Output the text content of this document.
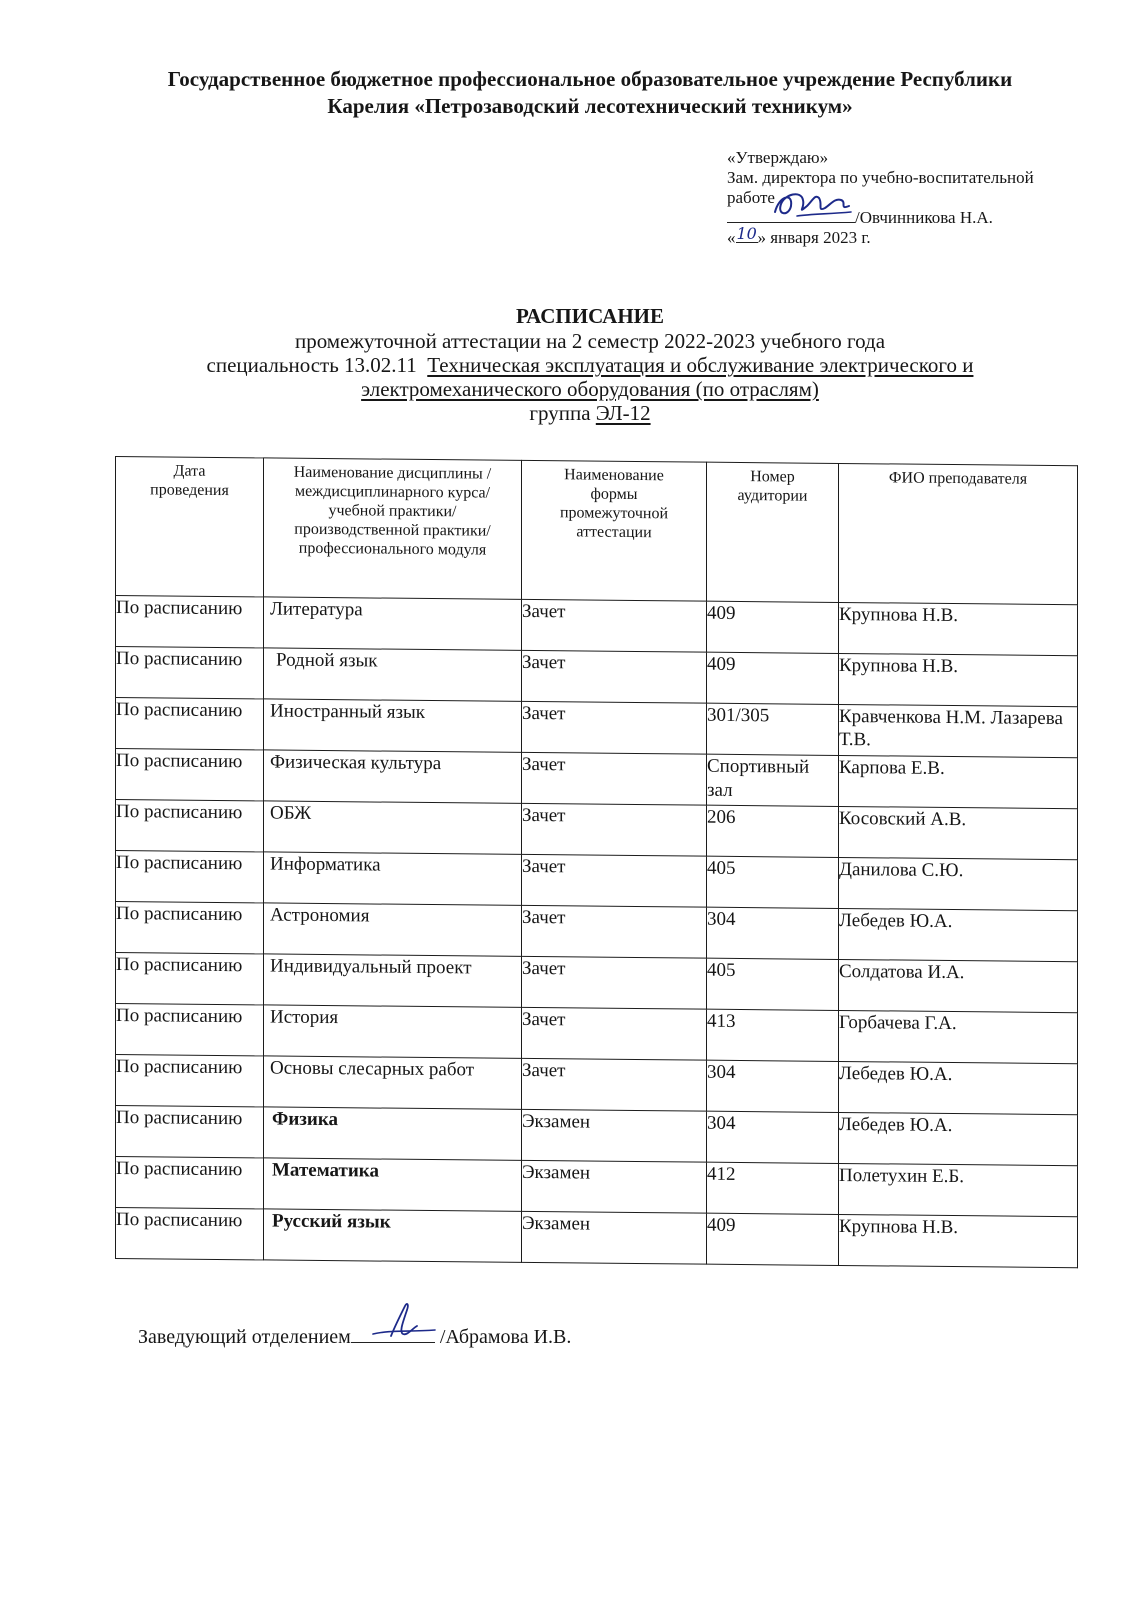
Государственное бюджетное профессиональное образовательное учреждение Республики
Карелия «Петрозаводский лесотехнический техникум»
«Утверждаю»
Зам. директора по учебно-воспитательной
работе
/Овчинникова Н.А.
« 10 » января 2023 г.
РАСПИСАНИЕ
промежуточной аттестации на 2 семестр 2022-2023 учебного года
специальность 13.02.11  Техническая эксплуатация и обслуживание электрического и
электромеханического оборудования (по отраслям)
группа ЭЛ-12
Дата проведения	Наименование дисциплины /междисциплинарного курса/учебной практики/производственной практики/профессионального модуля	Наименование формы промежуточной аттестации	Номер аудитории	ФИО преподавателя
По расписанию	Литература	Зачет	409	Крупнова Н.В.
По расписанию	Родной язык	Зачет	409	Крупнова Н.В.
По расписанию	Иностранный язык	Зачет	301/305	Кравченкова Н.М. Лазарева Т.В.
По расписанию	Физическая культура	Зачет	Спортивный зал	Карпова Е.В.
По расписанию	ОБЖ	Зачет	206	Косовский А.В.
По расписанию	Информатика	Зачет	405	Данилова С.Ю.
По расписанию	Астрономия	Зачет	304	Лебедев Ю.А.
По расписанию	Индивидуальный проект	Зачет	405	Солдатова И.А.
По расписанию	История	Зачет	413	Горбачева Г.А.
По расписанию	Основы слесарных работ	Зачет	304	Лебедев Ю.А.
По расписанию	Физика	Экзамен	304	Лебедев Ю.А.
По расписанию	Математика	Экзамен	412	Полетухин Е.Б.
По расписанию	Русский язык	Экзамен	409	Крупнова Н.В.
Заведующий отделением	/Абрамова И.В.
